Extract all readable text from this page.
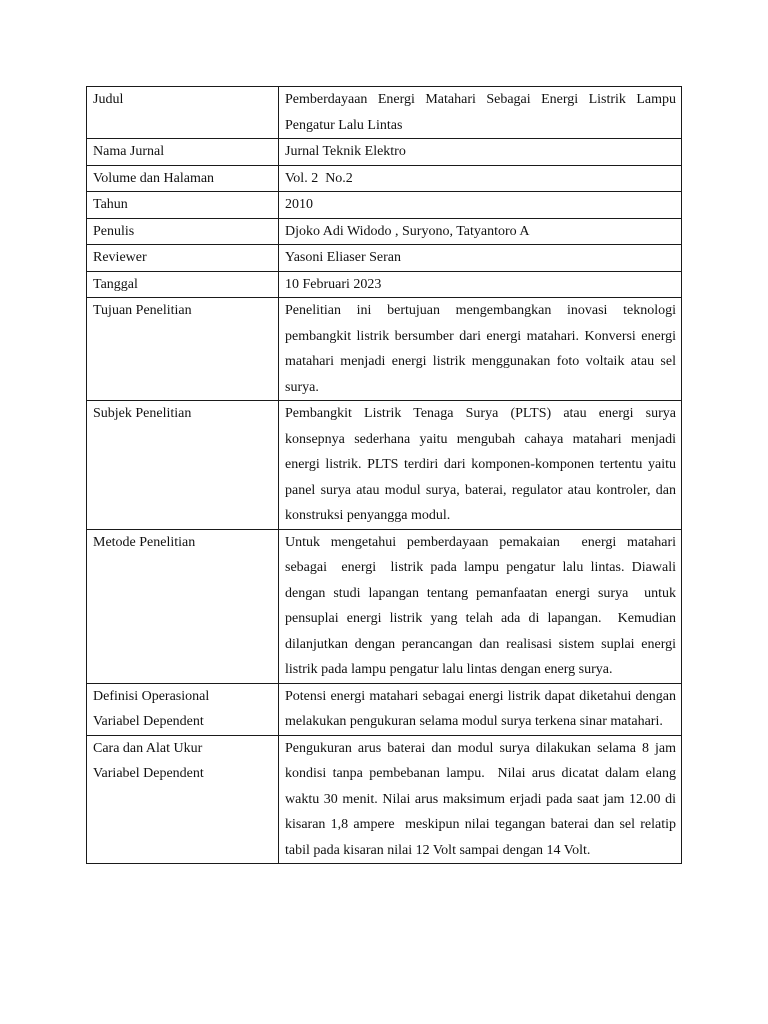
Judul	Pemberdayaan Energi Matahari Sebagai Energi Listrik Lampu Pengatur Lalu Lintas
Nama Jurnal	Jurnal Teknik Elektro
Volume dan Halaman	Vol. 2  No.2
Tahun	2010
Penulis	Djoko Adi Widodo , Suryono, Tatyantoro A
Reviewer	Yasoni Eliaser Seran
Tanggal	10 Februari 2023
Tujuan Penelitian	Penelitian ini bertujuan mengembangkan inovasi teknologi pembangkit listrik bersumber dari energi matahari. Konversi energi matahari menjadi energi listrik menggunakan foto voltaik atau sel surya.
Subjek Penelitian	Pembangkit Listrik Tenaga Surya (PLTS) atau energi surya konsepnya sederhana yaitu mengubah cahaya matahari menjadi energi listrik. PLTS terdiri dari komponen-komponen tertentu yaitu panel surya atau modul surya, baterai, regulator atau kontroler, dan konstruksi penyangga modul.
Metode Penelitian	Untuk mengetahui pemberdayaan pemakaian  energi matahari sebagai  energi  listrik pada lampu pengatur lalu lintas. Diawali dengan studi lapangan tentang pemanfaatan energi surya  untuk pensuplai energi listrik yang telah ada di lapangan.  Kemudian dilanjutkan dengan perancangan dan realisasi sistem suplai energi listrik pada lampu pengatur lalu lintas dengan energ surya.

Definisi Operasional
Variabel Dependent	Potensi energi matahari sebagai energi listrik dapat diketahui dengan melakukan pengukuran selama modul surya terkena sinar matahari.

Cara dan Alat Ukur
Variabel Dependent	Pengukuran arus baterai dan modul surya dilakukan selama 8 jam kondisi tanpa pembebanan lampu.  Nilai arus dicatat dalam elang waktu 30 menit. Nilai arus maksimum erjadi pada saat jam 12.00 di kisaran 1,8 ampere  meskipun nilai tegangan baterai dan sel relatip tabil pada kisaran nilai 12 Volt sampai dengan 14 Volt.
